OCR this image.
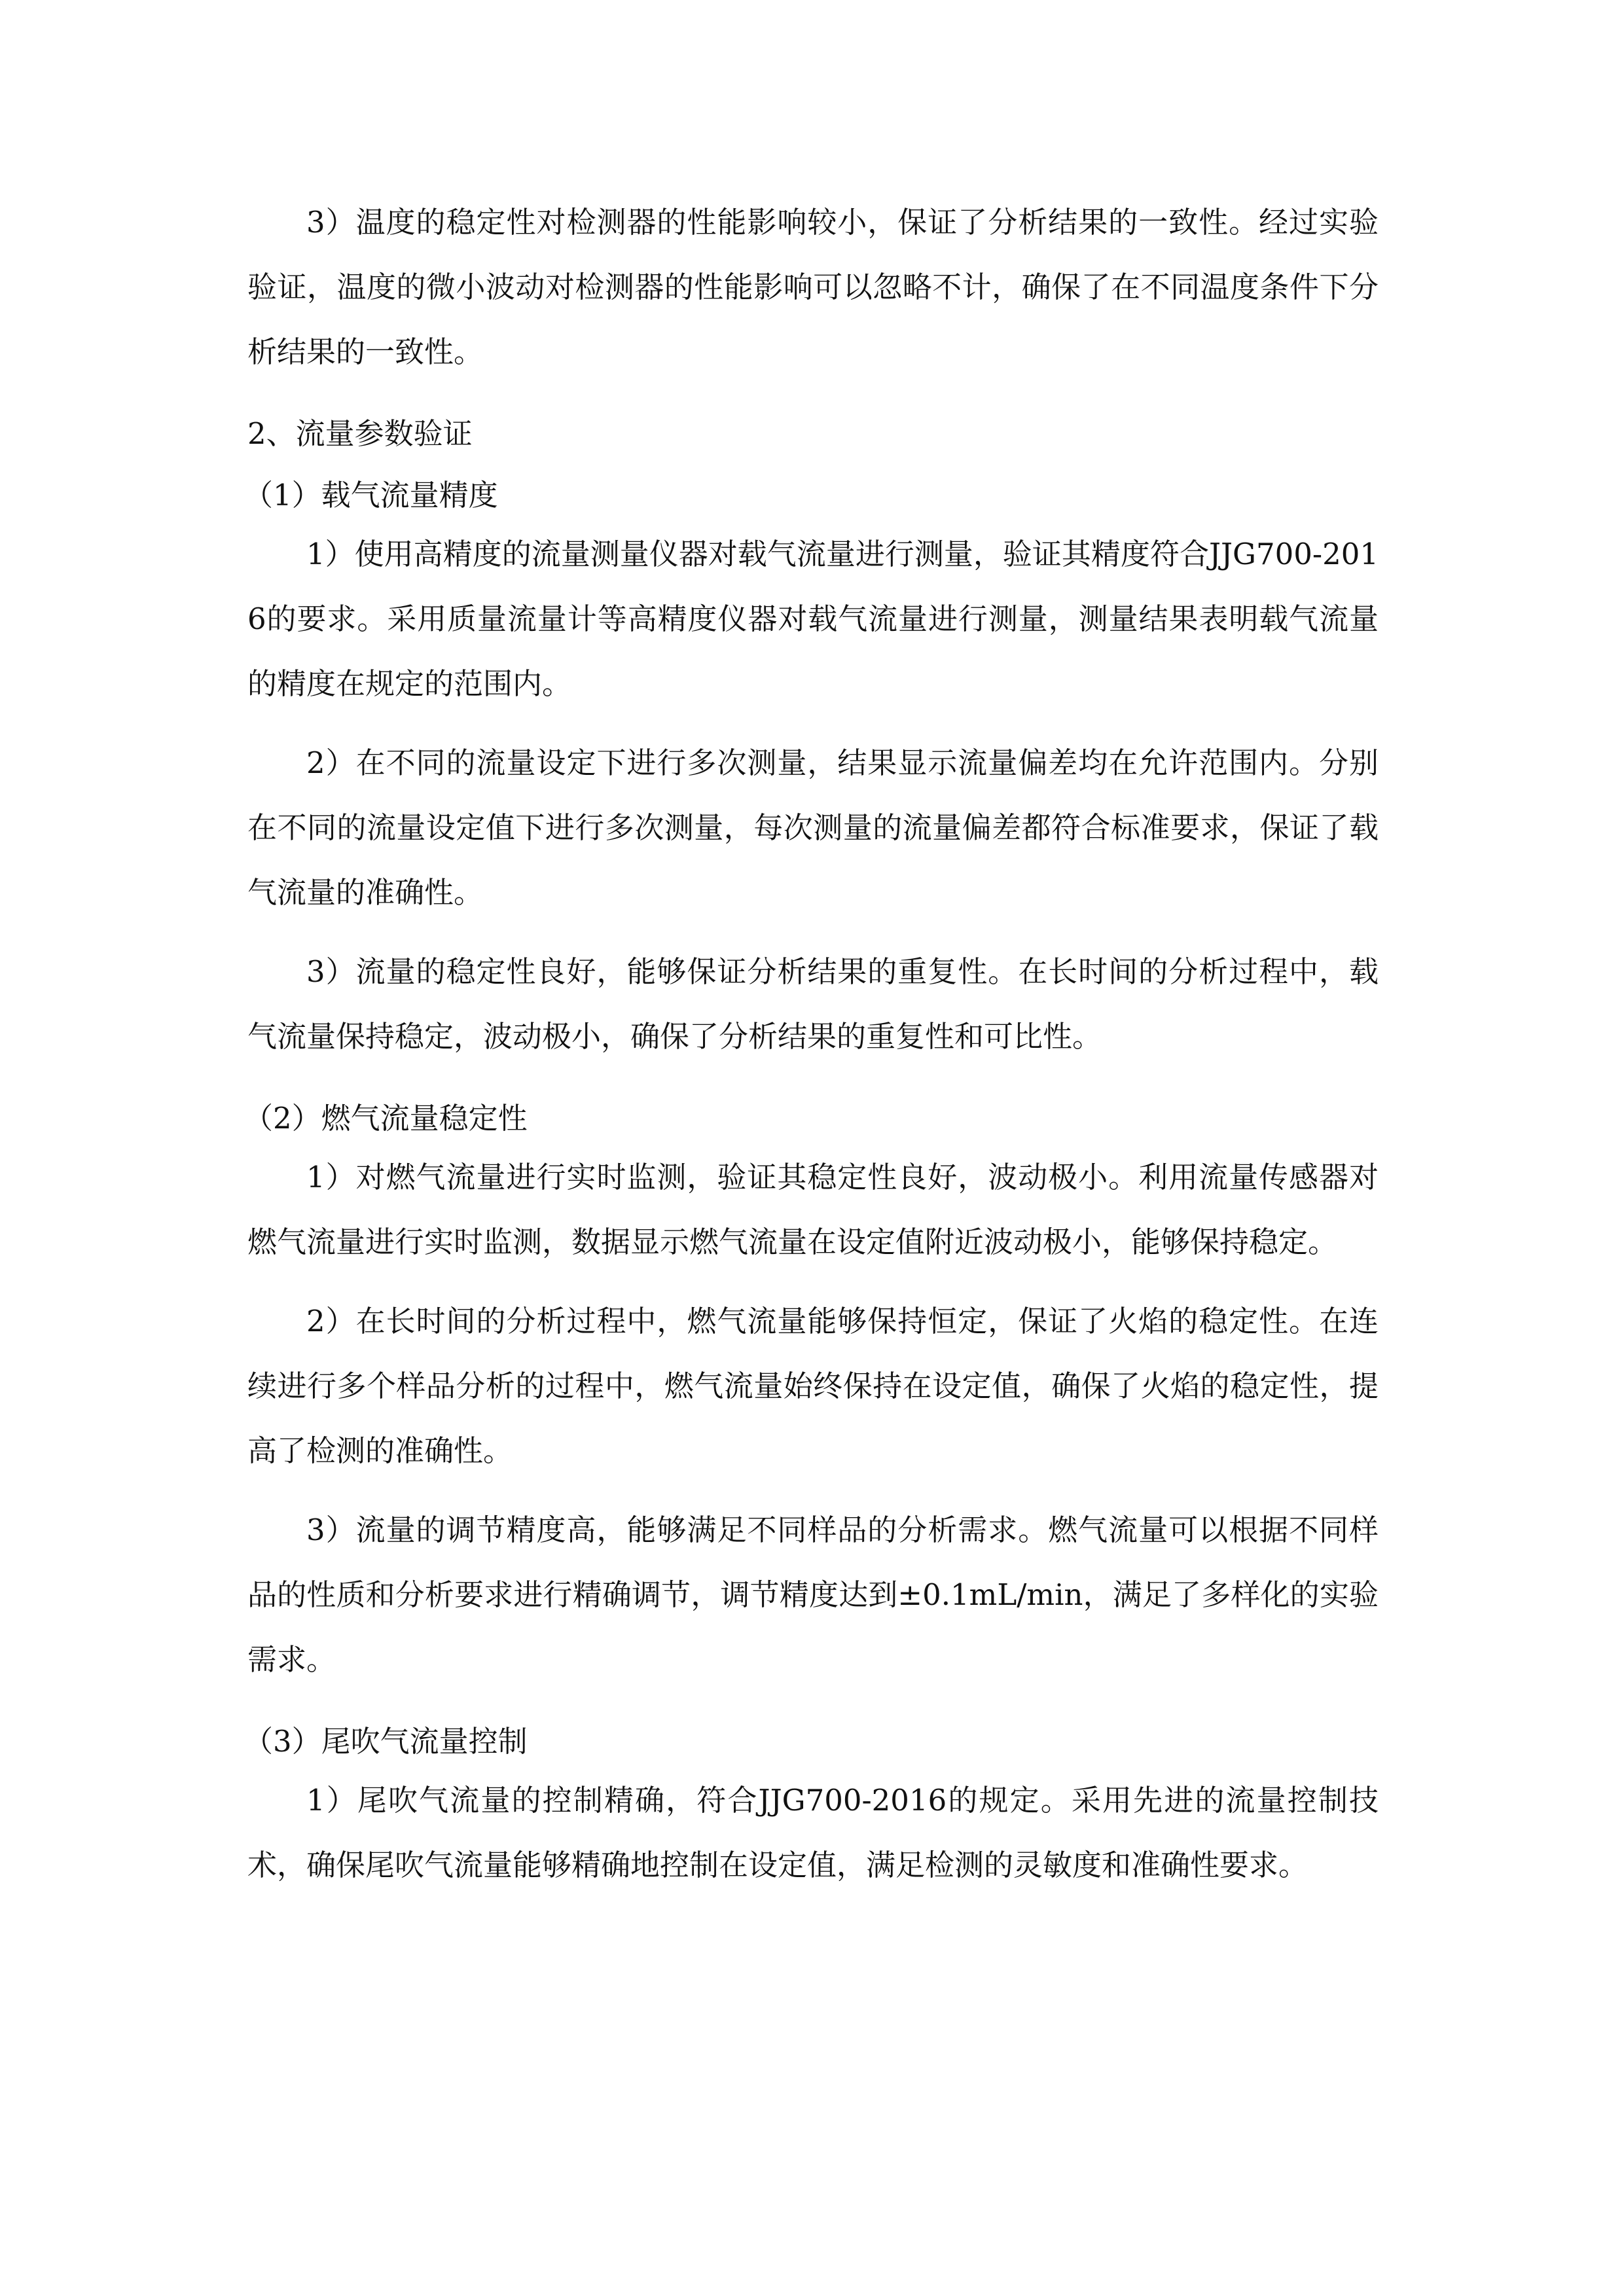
3）温度的稳定性对检测器的性能影响较小，保证了分析结果的一致性。经过实验验证，温度的微小波动对检测器的性能影响可以忽略不计，确保了在不同温度条件下分析结果的一致性。

2、流量参数验证

（1）载气流量精度

1）使用高精度的流量测量仪器对载气流量进行测量，验证其精度符合JJG700-2016的要求。采用质量流量计等高精度仪器对载气流量进行测量，测量结果表明载气流量的精度在规定的范围内。

2）在不同的流量设定下进行多次测量，结果显示流量偏差均在允许范围内。分别在不同的流量设定值下进行多次测量，每次测量的流量偏差都符合标准要求，保证了载气流量的准确性。

3）流量的稳定性良好，能够保证分析结果的重复性。在长时间的分析过程中，载气流量保持稳定，波动极小，确保了分析结果的重复性和可比性。

（2）燃气流量稳定性

1）对燃气流量进行实时监测，验证其稳定性良好，波动极小。利用流量传感器对燃气流量进行实时监测，数据显示燃气流量在设定值附近波动极小，能够保持稳定。

2）在长时间的分析过程中，燃气流量能够保持恒定，保证了火焰的稳定性。在连续进行多个样品分析的过程中，燃气流量始终保持在设定值，确保了火焰的稳定性，提高了检测的准确性。

3）流量的调节精度高，能够满足不同样品的分析需求。燃气流量可以根据不同样品的性质和分析要求进行精确调节，调节精度达到±0.1mL/min，满足了多样化的实验需求。

（3）尾吹气流量控制

1）尾吹气流量的控制精确，符合JJG700-2016的规定。采用先进的流量控制技术，确保尾吹气流量能够精确地控制在设定值，满足检测的灵敏度和准确性要求。
